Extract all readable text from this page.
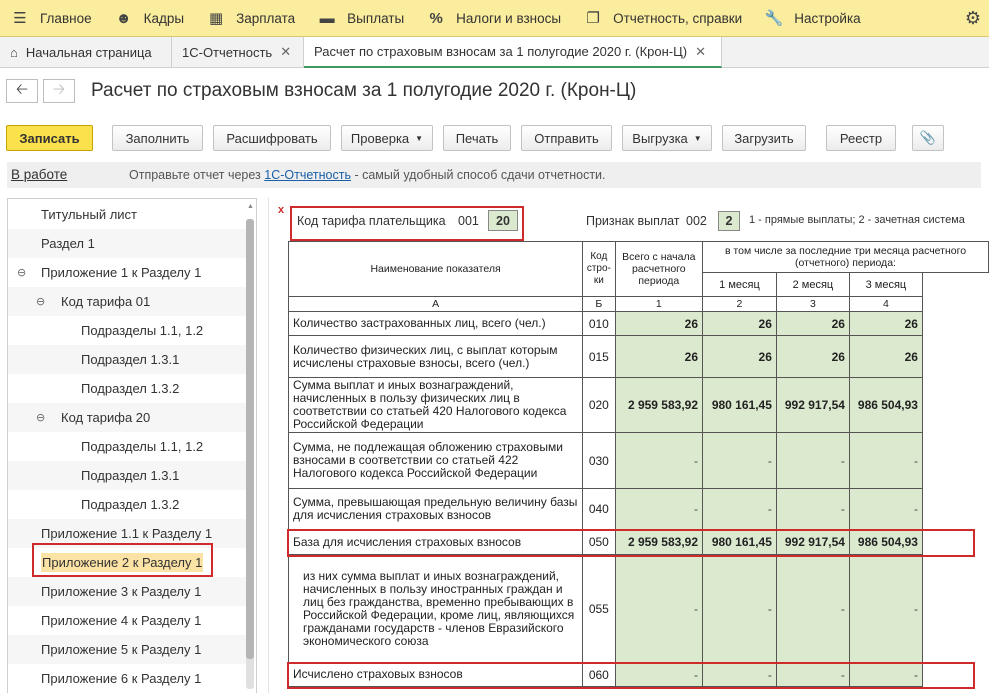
☰ Главное ☻ Кадры ▦ Зарплата ▬ Выплаты % Налоги и взносы ❐ Отчетность, справки 🔧 Настройка	⚙
⌂ Начальная страница 1С-Отчетность ✕ Расчет по страховым взносам за 1 полугодие 2020 г. (Крон-Ц) ✕
🡠 🡢 Расчет по страховым взносам за 1 полугодие 2020 г. (Крон-Ц)
Записать	Заполнить	Расшифровать	Проверка ▼	Печать	Отправить	Выгрузка ▼	Загрузить	Реестр	📎
В работе	Отправьте отчет через 1С-Отчетность - самый удобный способ сдачи отчетности.
Титульный лист
Раздел 1
⊖ Приложение 1 к Разделу 1
⊖ Код тарифа 01
Подразделы 1.1, 1.2
Подраздел 1.3.1
Подраздел 1.3.2
⊖ Код тарифа 20
Подразделы 1.1, 1.2
Подраздел 1.3.1
Подраздел 1.3.2
Приложение 1.1 к Разделу 1
Приложение 2 к Разделу 1
Приложение 3 к Разделу 1
Приложение 4 к Разделу 1
Приложение 5 к Разделу 1
Приложение 6 к Разделу 1
▲ x
Код тарифа плательщика 001	20	Признак выплат 002	2	1 - прямые выплаты; 2 - зачетная система
Наименование показателя	Код стро-ки	Всего с начала расчетного периода	в том числе за последние три месяца расчетного (отчетного) периода:		
			1 месяц	2 месяц	3 месяц
А	Б	1	2	3	4
Количество застрахованных лиц, всего (чел.)	010	26	26	26	26
Количество физических лиц, с выплат которым исчислены страховые взносы, всего (чел.)	015	26	26	26	26
Сумма выплат и иных вознаграждений, начисленных в пользу физических лиц в соответствии со статьей 420 Налогового кодекса Российской Федерации	020	2 959 583,92	980 161,45	992 917,54	986 504,93
Сумма, не подлежащая обложению страховыми взносами в соответствии со статьей 422 Налогового кодекса Российской Федерации	030	-	-	-	-
Сумма, превышающая предельную величину базы для исчисления страховых взносов	040	-	-	-	-
База для исчисления страховых взносов	050	2 959 583,92	980 161,45	992 917,54	986 504,93
из них сумма выплат и иных вознаграждений, начисленных в пользу иностранных граждан и лиц без гражданства, временно пребывающих в Российской Федерации, кроме лиц, являющихся гражданами государств - членов Евразийского экономического союза	055	-	-	-	-
Исчислено страховых взносов	060	-	-	-	-
